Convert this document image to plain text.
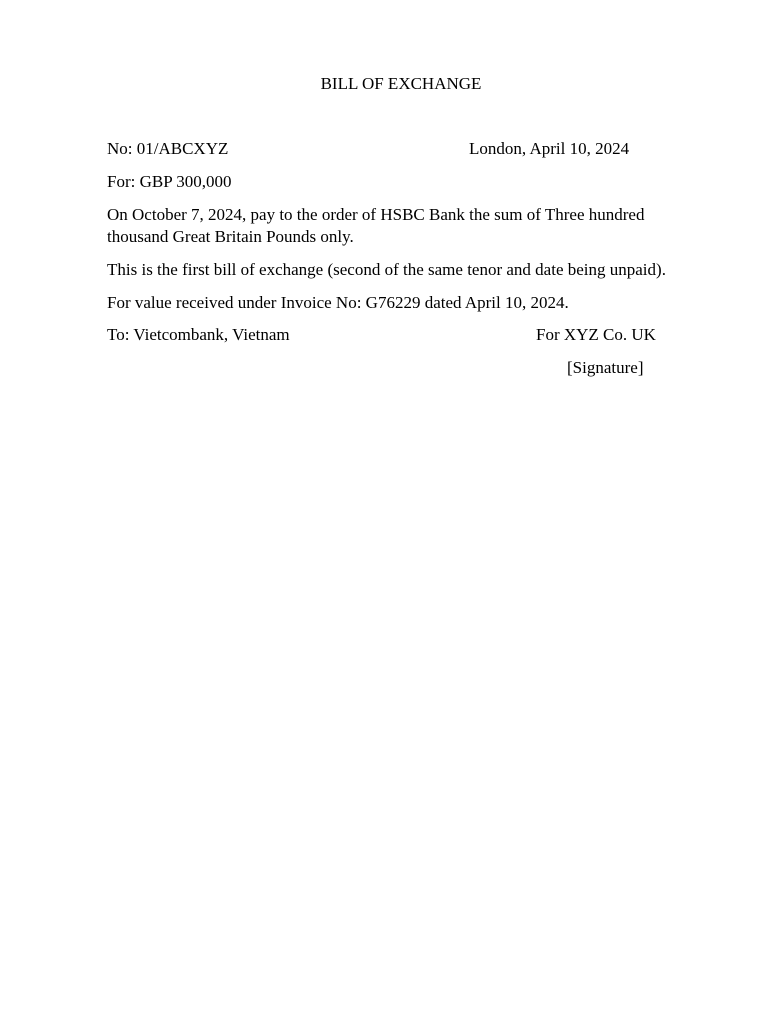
BILL OF EXCHANGE
No: 01/ABCXYZ	London, April 10, 2024
For: GBP 300,000
On October 7, 2024, pay to the order of HSBC Bank the sum of Three hundred
thousand Great Britain Pounds only.
This is the first bill of exchange (second of the same tenor and date being unpaid).
For value received under Invoice No: G76229 dated April 10, 2024.
To: Vietcombank, Vietnam	For XYZ Co. UK
[Signature]
